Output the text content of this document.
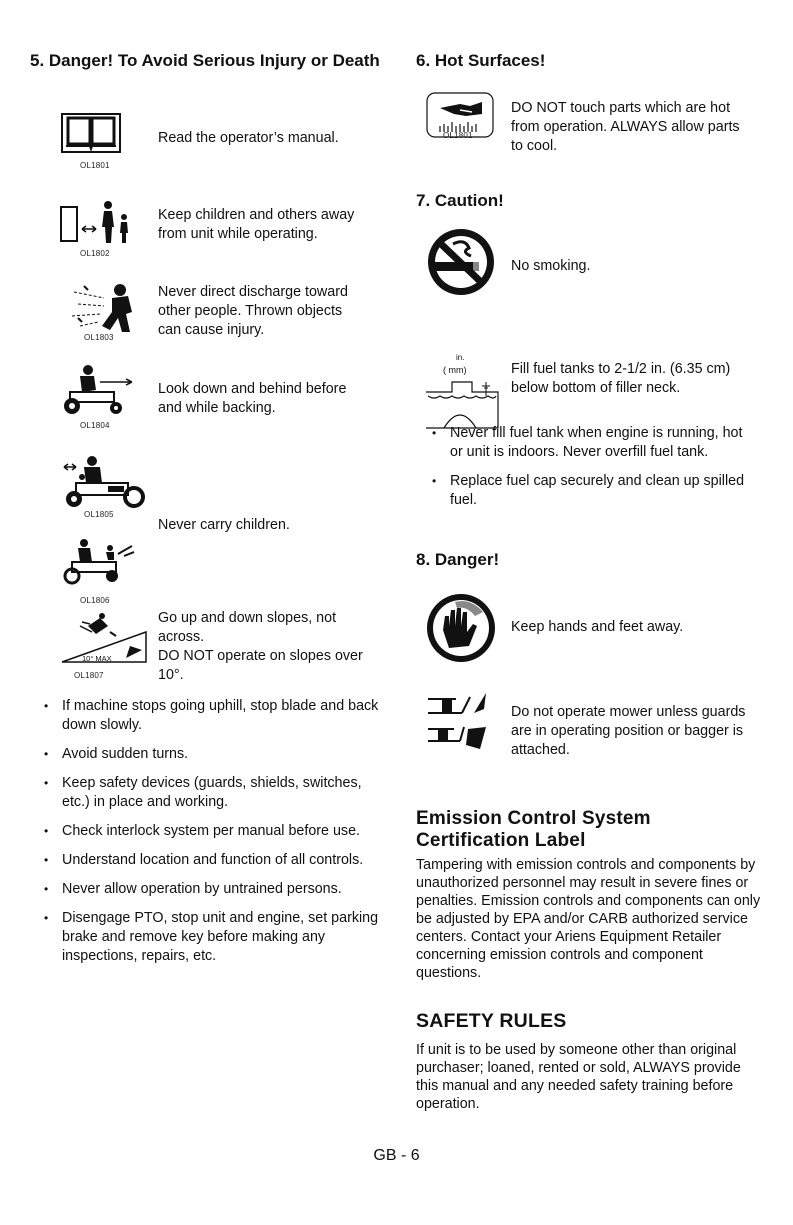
5. Danger! To Avoid Serious Injury or Death
OL1801
Read the operator’s manual.
OL1802
Keep children and others away from unit while operating.
OL1803
Never direct discharge toward other people. Thrown objects can cause injury.
OL1804
Look down and behind before and while backing.
OL1805
Never carry children.
OL1806
10° MAX
OL1807
Go up and down slopes, not across.
DO NOT operate on slopes over 10°.
• If machine stops going uphill, stop blade and back down slowly.
• Avoid sudden turns.
• Keep safety devices (guards, shields, switches, etc.) in place and working.
• Check interlock system per manual before use.
• Understand location and function of all controls.
• Never allow operation by untrained persons.
• Disengage PTO, stop unit and engine, set parking brake and remove key before making any inspections, repairs, etc.
6. Hot Surfaces!
OL1801
DO NOT touch parts which are hot from operation. ALWAYS allow parts to cool.
7. Caution!
No smoking.
in.
( mm)	Fill fuel tanks to 2-1/2 in. (6.35 cm) below bottom of filler neck.
• Never fill fuel tank when engine is running, hot or unit is indoors. Never overfill fuel tank.
• Replace fuel cap securely and clean up spilled fuel.
8. Danger!
Keep hands and feet away.
Do not operate mower unless guards are in operating position or bagger is attached.
Emission Control System Certification Label

Tampering with emission controls and components by unauthorized personnel may result in severe fines or penalties. Emission controls and components can only be adjusted by EPA and/or CARB authorized service centers. Contact your Ariens Equipment Retailer concerning emission controls and component questions.

SAFETY RULES

If unit is to be used by someone other than original purchaser; loaned, rented or sold, ALWAYS provide this manual and any needed safety training before operation.

GB - 6
